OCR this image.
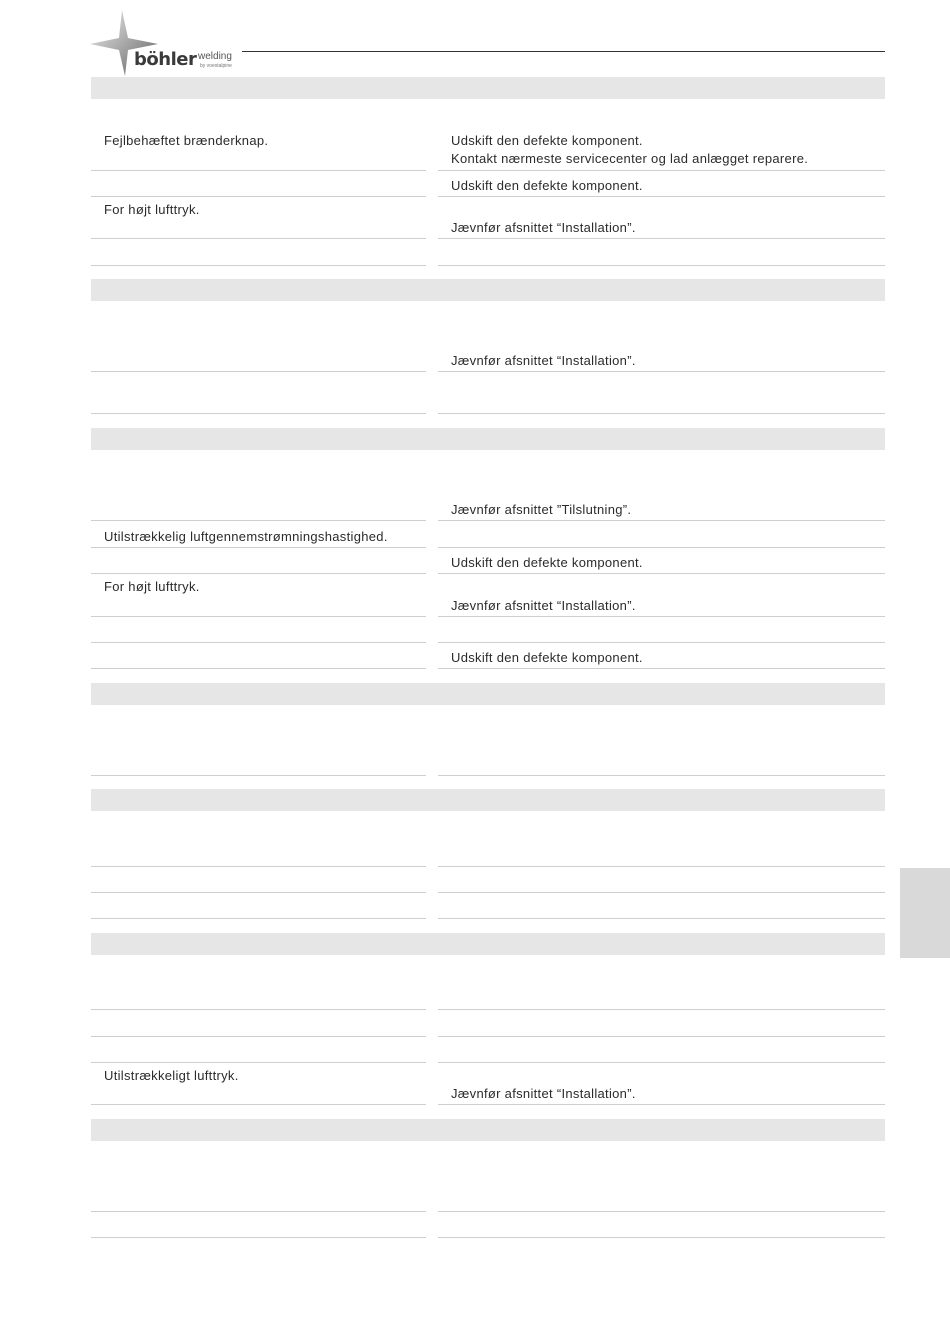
böhler welding
by voestalpine
Fejlbehæftet brænderknap.	Udskift den defekte komponent.
Kontakt nærmeste servicecenter og lad anlægget reparere.
Udskift den defekte komponent.
For højt lufttryk.
Jævnfør afsnittet “Installation”.
Jævnfør afsnittet “Installation”.
Jævnfør afsnittet ”Tilslutning”.
Utilstrækkelig luftgennemstrømningshastighed.
Udskift den defekte komponent.
For højt lufttryk.
Jævnfør afsnittet “Installation”.
Udskift den defekte komponent.
Utilstrækkeligt lufttryk.
Jævnfør afsnittet “Installation”.
